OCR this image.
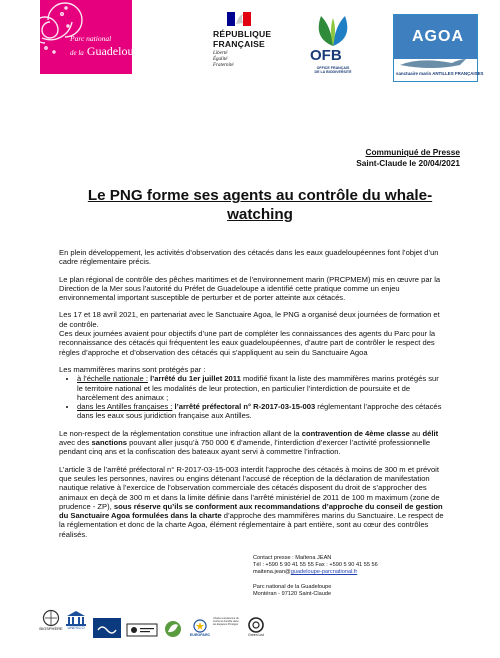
Parc national
de la Guadeloupe
RÉPUBLIQUE
FRANÇAISE
Liberté
Égalité
Fraternité
OFB
OFFICE FRANÇAIS
DE LA BIODIVERSITÉ
AGOA
sanctuaire marin ANTILLES FRANÇAISES
Communiqué de Presse
Saint-Claude le 20/04/2021
Le PNG forme ses agents au contrôle du whale-watching

En plein développement, les activités d’observation des cétacés dans les eaux guadeloupéennes font l’objet d’un cadre réglementaire précis.

Le plan régional de contrôle des pêches maritimes et de l’environnement marin (PRCPMEM) mis en œuvre par la Direction de la Mer sous l’autorité du Préfet de Guadeloupe a identifié cette pratique comme un enjeu environnemental important susceptible de perturber et de porter atteinte aux cétacés.

Les 17 et 18 avril 2021, en partenariat avec le Sanctuaire Agoa, le PNG a organisé deux journées de formation et de contrôle.
Ces deux journées avaient pour objectifs d’une part de compléter les connaissances des agents du Parc pour la reconnaissance des cétacés qui fréquentent les eaux guadeloupéennes, d’autre part de contrôler le respect des règles d’approche et d’observation des cétacés qui s’appliquent au sein du Sanctuaire Agoa

Les mammifères marins sont protégés par :

• à l’échelle nationale : l’arrêté du 1er juillet 2011 modifié fixant la liste des mammifères marins protégés sur le territoire national et les modalités de leur protection, en particulier l’interdiction de poursuite et de harcèlement des animaux ;
• dans les Antilles françaises : l’arrêté préfectoral n° R-2017-03-15-003 réglementant l’approche des cétacés dans les eaux sous juridiction française aux Antilles.

Le non-respect de la réglementation constitue une infraction allant de la contravention de 4ème classe au délit avec des sanctions pouvant aller jusqu’à 750 000 € d’amende, l’interdiction d’exercer l’activité professionnelle pendant cinq ans et la confiscation des bateaux ayant servi à commettre l’infraction.

L’article 3 de l’arrêté préfectoral n° R-2017-03-15-003 interdit l’approche des cétacés à moins de 300 m et prévoit que seules les personnes, navires ou engins détenant l’accusé de réception de la déclaration de manifestation nautique relative à l’exercice de l’observation commerciale des cétacés disposent du droit de s’approcher des animaux en deçà de 300 m et dans la limite définie dans l’arrêté ministériel de 2011 de 100 m maximum (zone de prudence - ZP), sous réserve qu’ils se conforment aux recommandations d’approche du conseil de gestion du Sanctuaire Agoa formulées dans la charte d’approche des mammifères marins du Sanctuaire. Le respect de la réglementation et donc de la charte Agoa, élément réglementaire à part entière, sont au cœur des contrôles réalisés.

Contact presse : Maïtena JEAN
Tél : +590 5 90 41 55 55 Fax : +590 5 90 41 55 56
maitena.jean@guadeloupe-parcnational.fr
Parc national de la Guadeloupe
Montéran - 97120 Saint-Claude
BIOSPHÈRE UNESCO
EUROPARC
Charte européenne du tourisme durable dans les Espaces Protégés
Green List
